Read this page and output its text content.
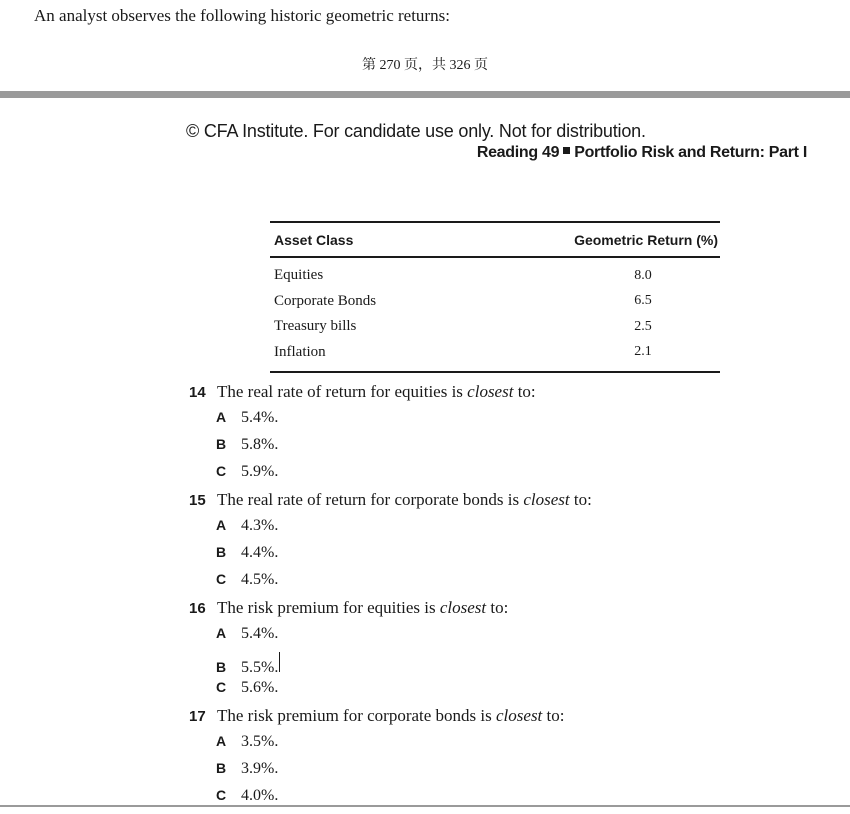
An analyst observes the following historic geometric returns:
第 270 页，共 326 页
© CFA Institute. For candidate use only. Not for distribution.
Reading 49 Portfolio Risk and Return: Part I
Asset Class	Geometric Return (%)
Equities	8.0
Corporate Bonds	6.5
Treasury bills	2.5
Inflation	2.1
14 The real rate of return for equities is closest to:
A 5.4%.
B 5.8%.
C 5.9%.
15 The real rate of return for corporate bonds is closest to:
A 4.3%.
B 4.4%.
C 4.5%.
16 The risk premium for equities is closest to:
A 5.4%.
B 5.5%.
C 5.6%.
17 The risk premium for corporate bonds is closest to:
A 3.5%.
B 3.9%.
C 4.0%.
